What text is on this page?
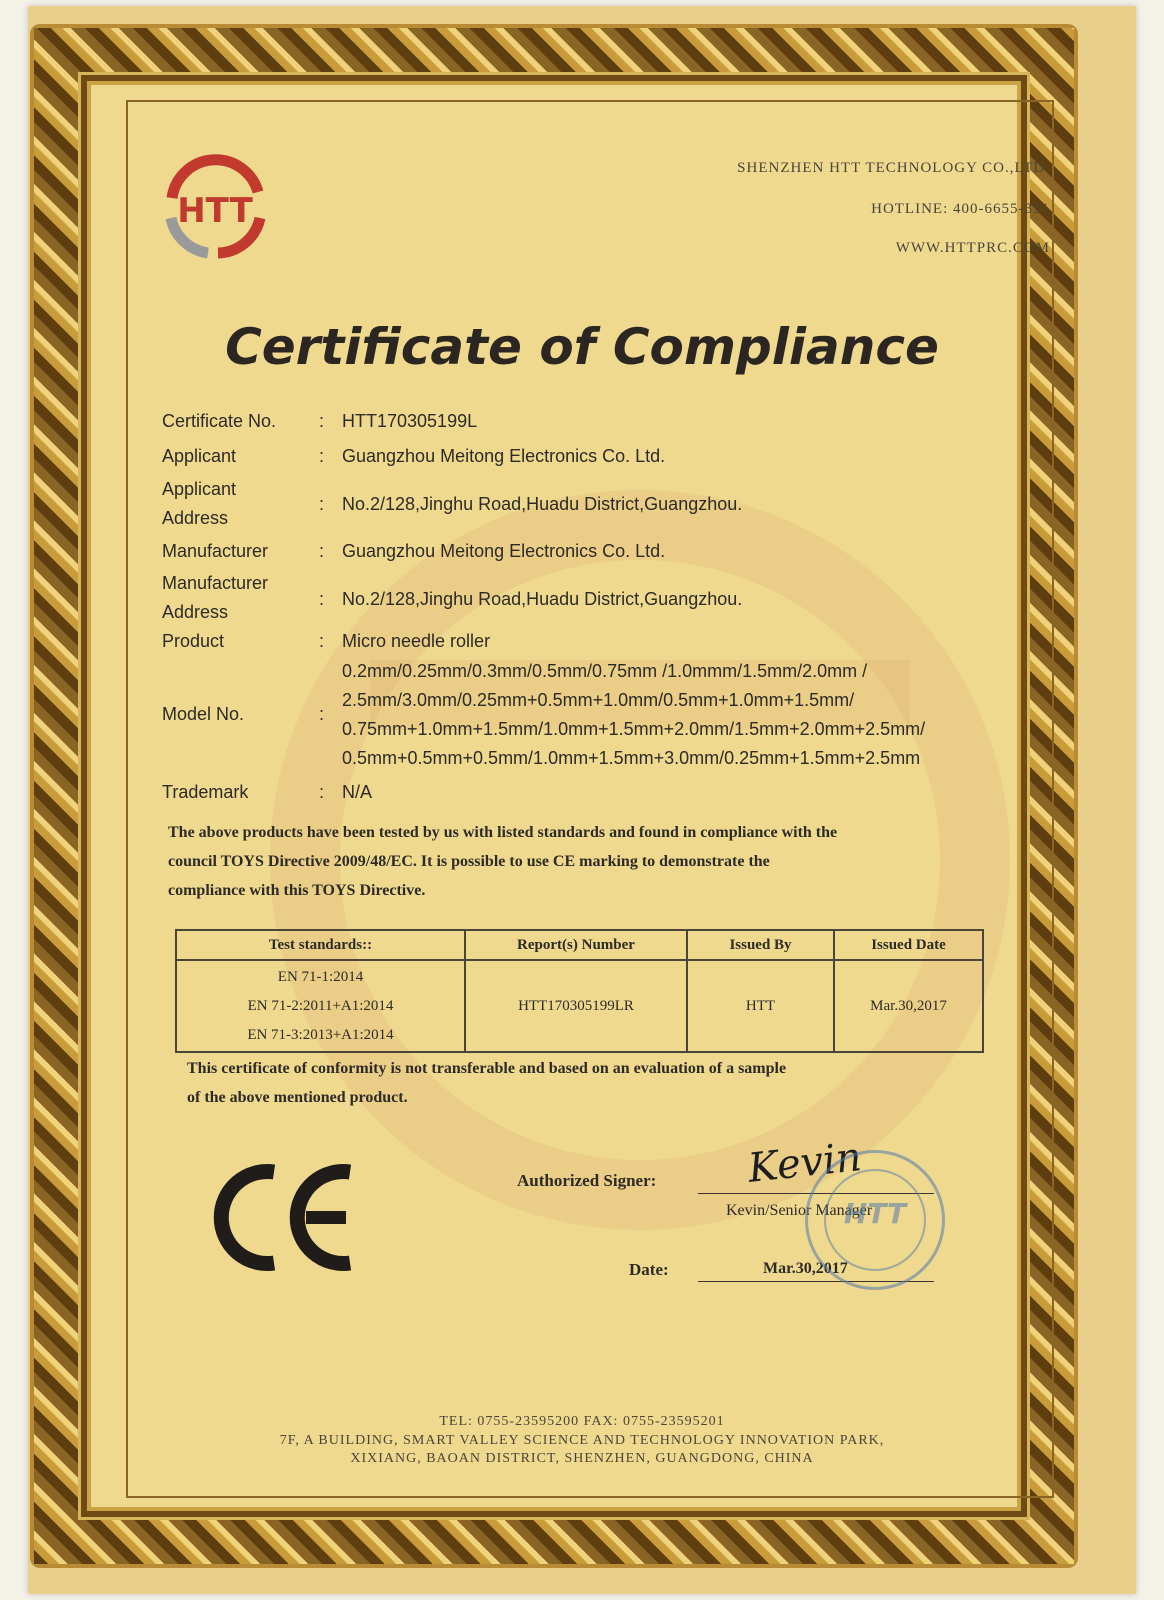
HTT
SHENZHEN HTT TECHNOLOGY CO.,LTD.
HOTLINE: 400-6655-351
WWW.HTTPRC.COM
Certificate of Compliance
Certificate No. : HTT170305199L
Applicant	: Guangzhou Meitong Electronics Co. Ltd.
Applicant
Address
: No.2/128,Jinghu Road,Huadu District,Guangzhou.
Manufacturer	: Guangzhou Meitong Electronics Co. Ltd.
Manufacturer
Address
: No.2/128,Jinghu Road,Huadu District,Guangzhou.
Product	: Micro needle roller
Model No.	:
0.2mm/0.25mm/0.3mm/0.5mm/0.75mm /1.0mmm/1.5mm/2.0mm /
2.5mm/3.0mm/0.25mm+0.5mm+1.0mm/0.5mm+1.0mm+1.5mm/
0.75mm+1.0mm+1.5mm/1.0mm+1.5mm+2.0mm/1.5mm+2.0mm+2.5mm/
0.5mm+0.5mm+0.5mm/1.0mm+1.5mm+3.0mm/0.25mm+1.5mm+2.5mm
Trademark	: N/A
The above products have been tested by us with listed standards and found in compliance with the
council TOYS Directive 2009/48/EC. It is possible to use CE marking to demonstrate the
compliance with this TOYS Directive.
Test standards::	Report(s) Number	Issued By	Issued Date

EN 71-1:2014
EN 71-2:2011+A1:2014
EN 71-3:2013+A1:2014	HTT170305199LR	HTT	Mar.30,2017
This certificate of conformity is not transferable and based on an evaluation of a sample
of the above mentioned product.
Authorized Signer: Kevin
Kevin/Senior Manager
Date:	Mar.30,2017
HTT
TEL: 0755-23595200 FAX: 0755-23595201
7F, A BUILDING, SMART VALLEY SCIENCE AND TECHNOLOGY INNOVATION PARK,
XIXIANG, BAOAN DISTRICT, SHENZHEN, GUANGDONG, CHINA
